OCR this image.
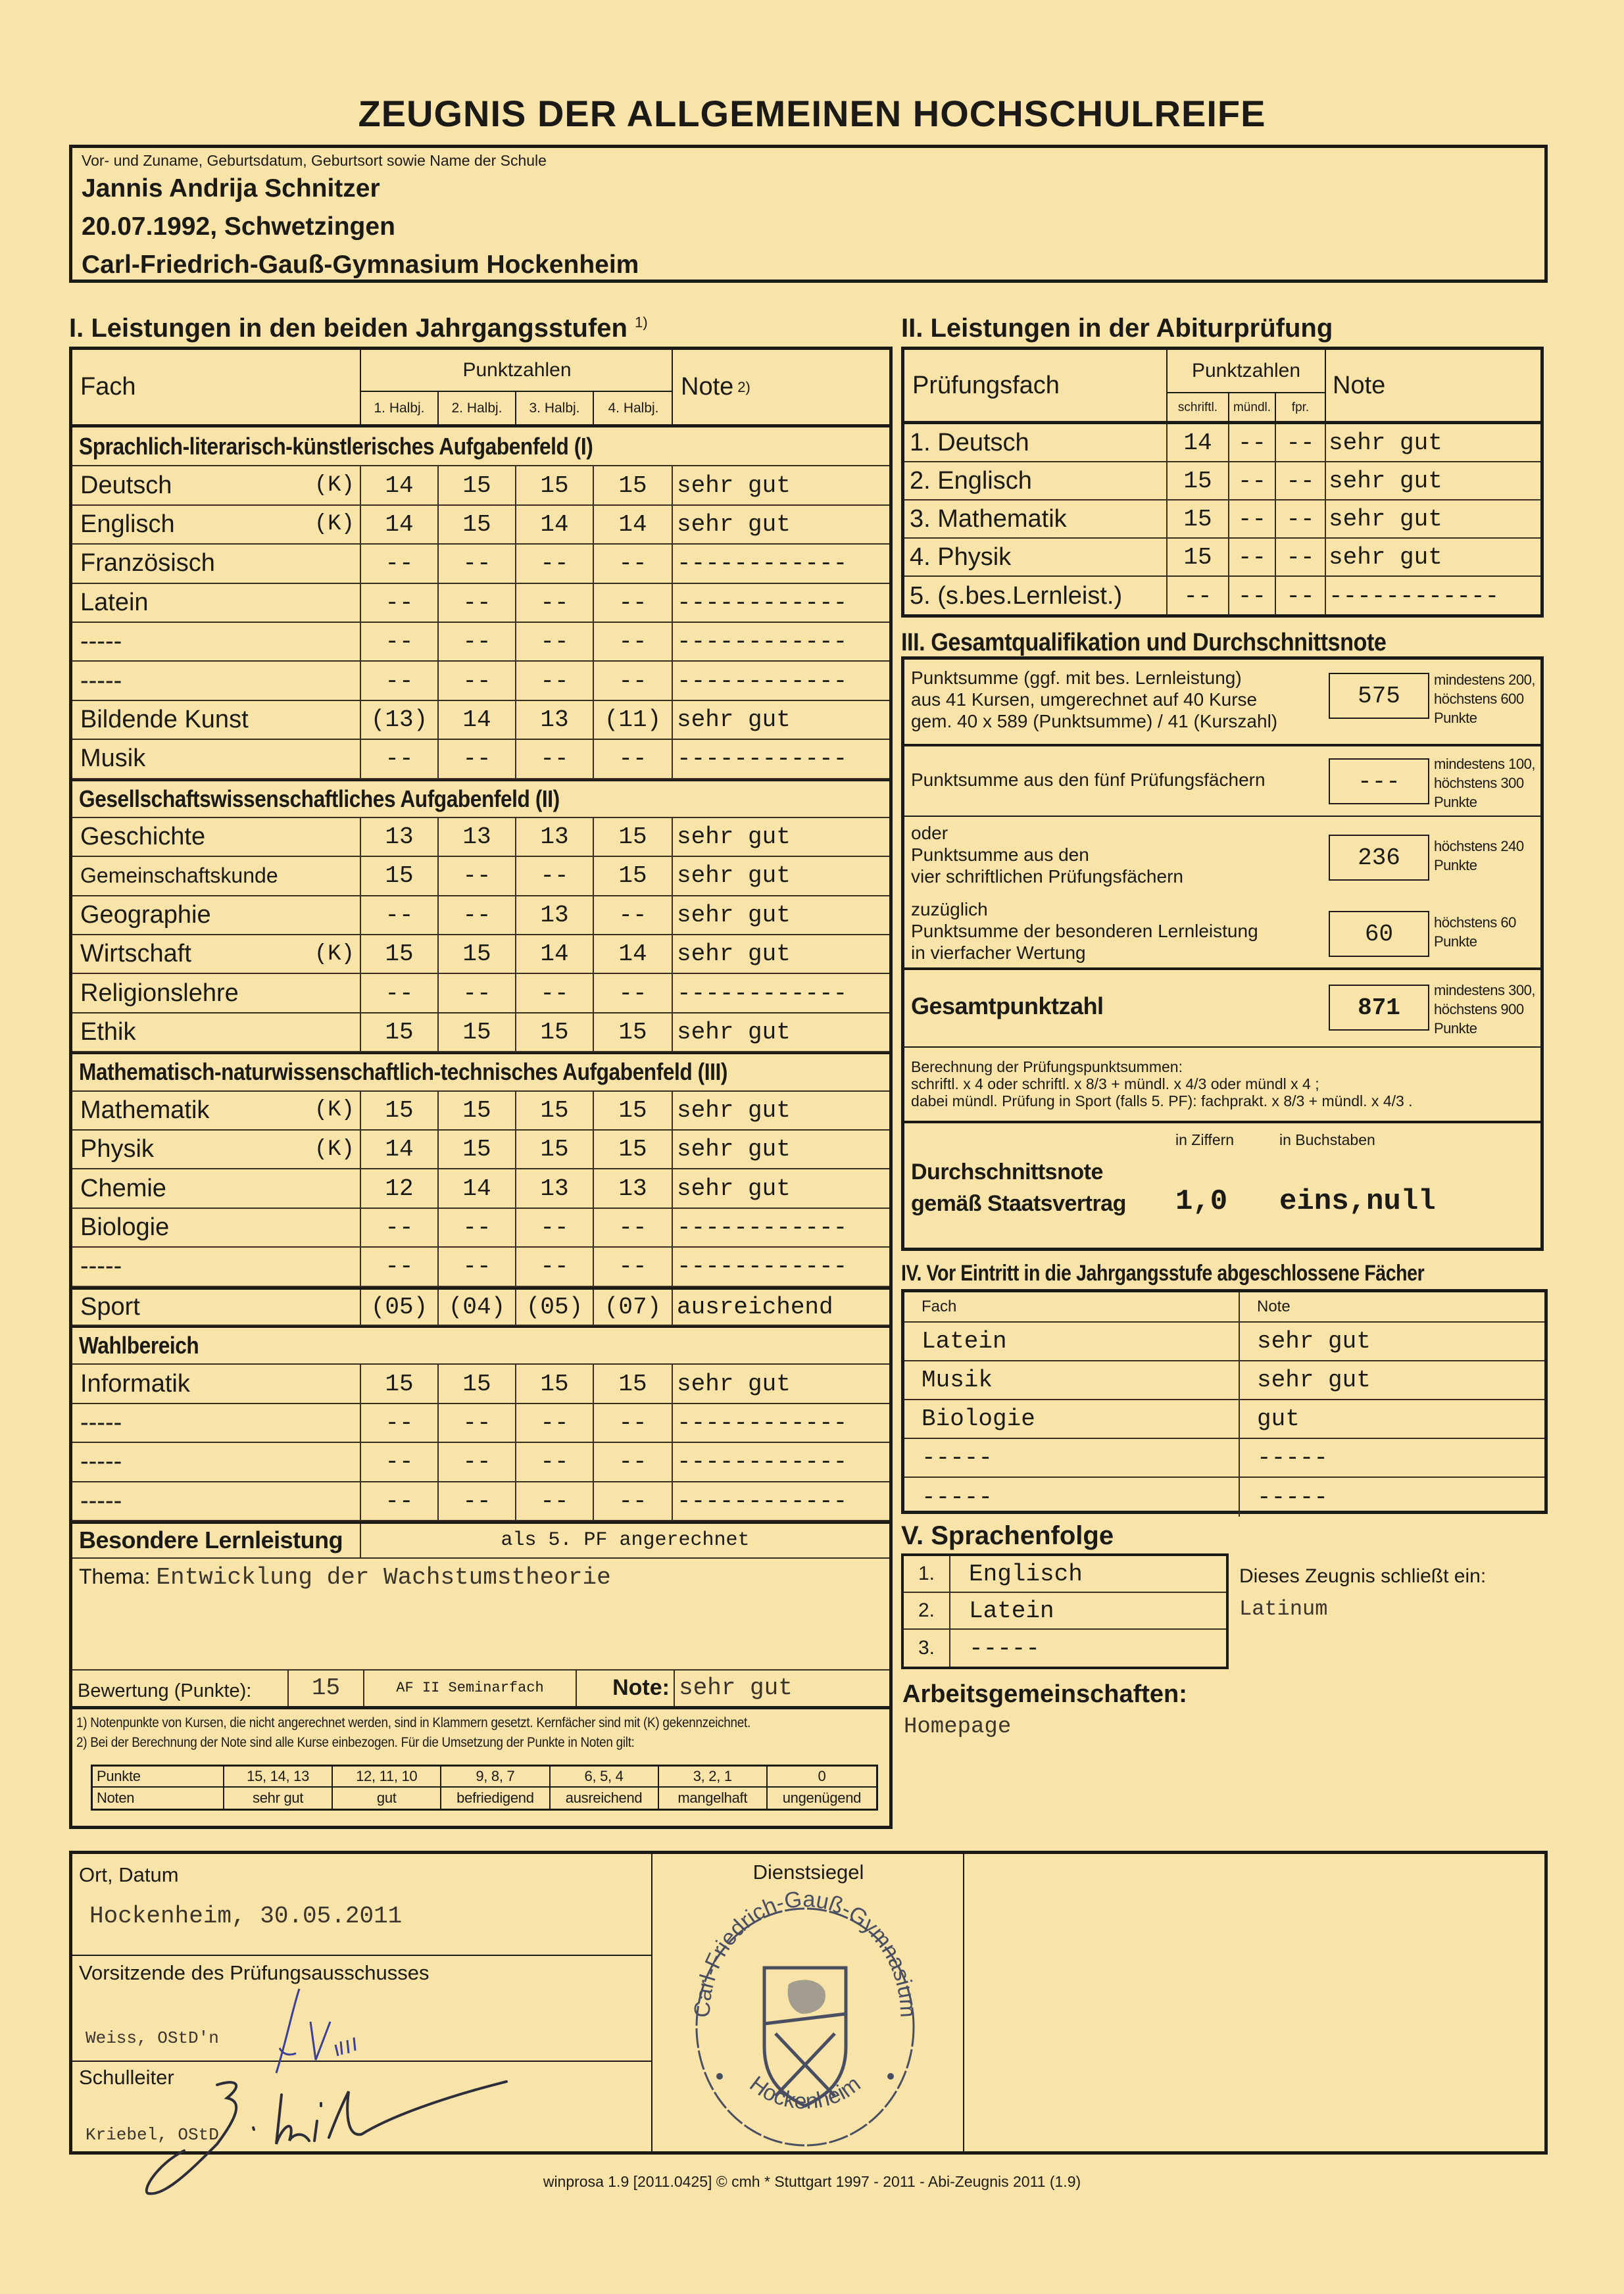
ZEUGNIS DER ALLGEMEINEN HOCHSCHULREIFE
Vor- und Zuname, Geburtsdatum, Geburtsort sowie Name der Schule
Jannis Andrija Schnitzer
20.07.1992, Schwetzingen
Carl-Friedrich-Gauß-Gymnasium Hockenheim
I. Leistungen in den beiden Jahrgangsstufen $^{1)}$
Fach
Punktzahlen
1. Halbj.	2. Halbj.	3. Halbj.	4. Halbj.
Note 2)
Sprachlich-literarisch-künstlerisches Aufgabenfeld (I)
Deutsch	(K)	14	15	15	15	sehr gut
Englisch	(K)	14	15	14	14	sehr gut
Französisch	--	--	--	--	------------
Latein	--	--	--	--	------------
-----	--	--	--	--	------------
-----	--	--	--	--	------------
Bildende Kunst	(13)	14	13	(11) sehr gut
Musik	--	--	--	--	------------
Gesellschaftswissenschaftliches Aufgabenfeld (II)
Geschichte	13	13	13	15	sehr gut
Gemeinschaftskunde	15	--	--	15	sehr gut
Geographie	--	--	13	--	sehr gut
Wirtschaft	(K)	15	15	14	14	sehr gut
Religionslehre	--	--	--	--	------------
Ethik	15	15	15	15	sehr gut
Mathematisch-naturwissenschaftlich-technisches Aufgabenfeld (III)
Mathematik	(K)	15	15	15	15	sehr gut
Physik	(K)	14	15	15	15	sehr gut
Chemie	12	14	13	13	sehr gut
Biologie	--	--	--	--	------------
-----	--	--	--	--	------------
Sport	(05) (04) (05) (07) ausreichend
Wahlbereich
Informatik	15	15	15	15	sehr gut
-----	--	--	--	--	------------
-----	--	--	--	--	------------
-----	--	--	--	--	------------
Besondere Lernleistung	als 5. PF angerechnet
Thema: Entwicklung der Wachstumstheorie
Bewertung (Punkte):	15	AF II Seminarfach	Note: sehr gut
1) Notenpunkte von Kursen, die nicht angerechnet werden, sind in Klammern gesetzt. Kernfächer sind mit (K) gekennzeichnet.
2) Bei der Berechnung der Note sind alle Kurse einbezogen. Für die Umsetzung der Punkte in Noten gilt:
Punkte	15, 14, 13	12, 11, 10	9, 8, 7	6, 5, 4	3, 2, 1	0
Noten	sehr gut	gut	befriedigend	ausreichend	mangelhaft	ungenügend
II. Leistungen in der Abiturprüfung
Prüfungsfach
Punktzahlen
schriftl.	mündl.	fpr.
Note
1. Deutsch	14	-- -- sehr gut
2. Englisch	15	-- -- sehr gut
3. Mathematik	15	-- -- sehr gut
4. Physik	15	-- -- sehr gut
5. (s.bes.Lernleist.)	--	-- -- ------------
III. Gesamtqualifikation und Durchschnittsnote
Punktsumme (ggf. mit bes. Lernleistung)
aus 41 Kursen, umgerechnet auf 40 Kurse
gem. 40 x 589 (Punktsumme) / 41 (Kurszahl)
575
mindestens 200,
höchstens 600
Punkte
Punktsumme aus den fünf Prüfungsfächern	---
mindestens 100,
höchstens 300
Punkte
oder
Punktsumme aus den
vier schriftlichen Prüfungsfächern
236	höchstens 240
Punkte
zuzüglich
Punktsumme der besonderen Lernleistung
in vierfacher Wertung
60	höchstens 60
Punkte
Gesamtpunktzahl	871
mindestens 300,
höchstens 900
Punkte
Berechnung der Prüfungspunktsummen:
schriftl. x 4 oder schriftl. x 8/3 + mündl. x 4/3 oder mündl x 4 ;
dabei mündl. Prüfung in Sport (falls 5. PF): fachprakt. x 8/3 + mündl. x 4/3 .
in Ziffern	in Buchstaben
Durchschnittsnote
gemäß Staatsvertrag 1,0 eins,null
IV. Vor Eintritt in die Jahrgangsstufe abgeschlossene Fächer
Fach	Note
Latein	sehr gut
Musik	sehr gut
Biologie	gut
-----	-----
-----	-----
V. Sprachenfolge
1.	Englisch
2.	Latein
3.	-----
Dieses Zeugnis schließt ein:
Latinum
Arbeitsgemeinschaften:
Homepage
Ort, Datum
Hockenheim, 30.05.2011
Vorsitzende des Prüfungsausschusses
Weiss, OStD'n
Schulleiter
Kriebel, OStD
Dienstsiegel
Carl-Friedrich-Gauß-Gymnasium
Hockenheim
winprosa 1.9 [2011.0425] © cmh * Stuttgart 1997 - 2011 - Abi-Zeugnis 2011 (1.9)
